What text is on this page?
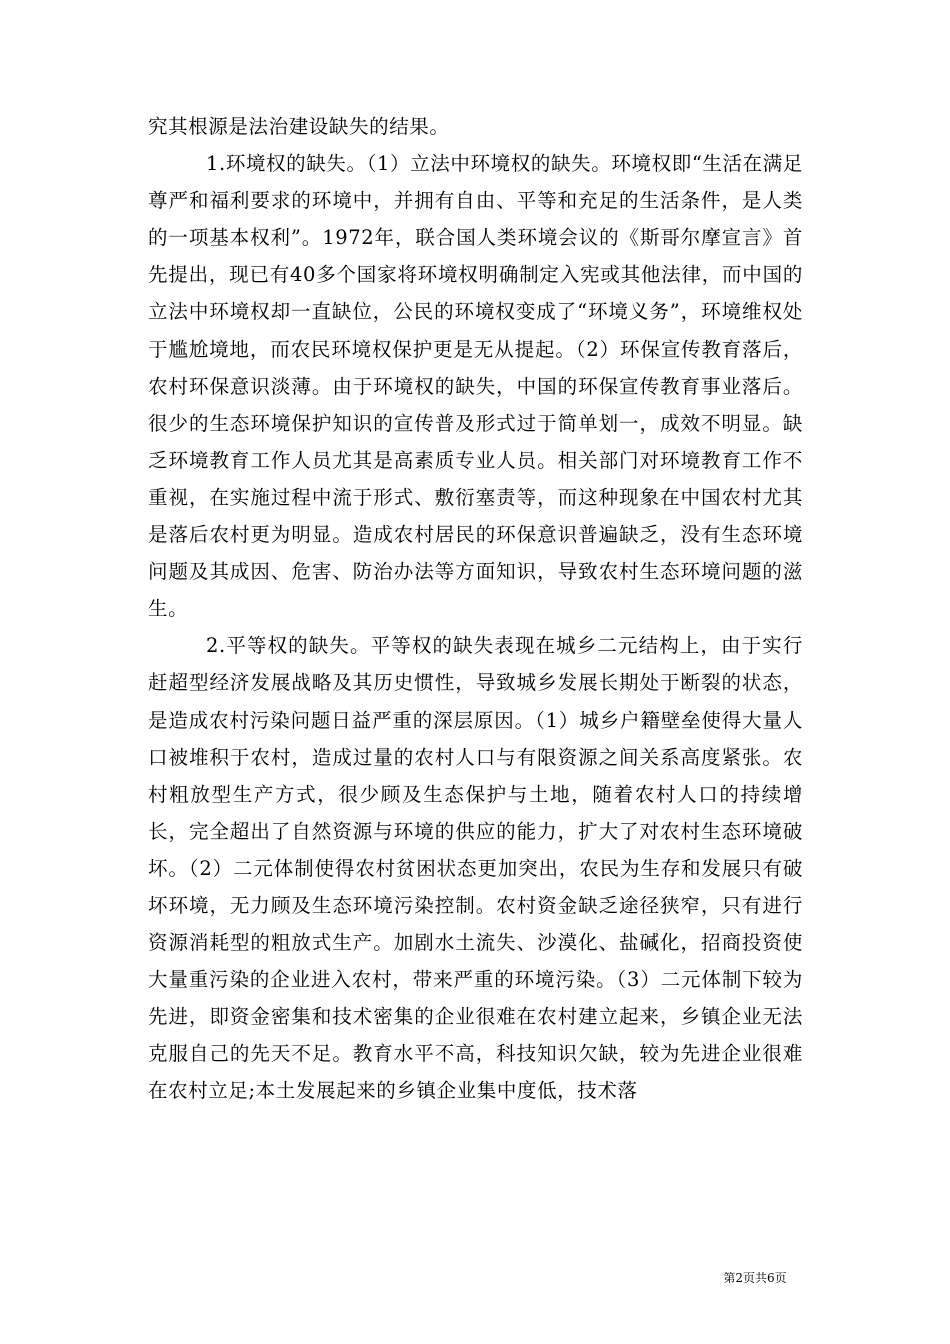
究其根源是法治建设缺失的结果。

1.环境权的缺失。（1）立法中环境权的缺失。环境权即“生活在满足尊严和福利要求的环境中，并拥有自由、平等和充足的生活条件，是人类的一项基本权利”。1972年，联合国人类环境会议的《斯哥尔摩宣言》首先提出，现已有40多个国家将环境权明确制定入宪或其他法律，而中国的立法中环境权却一直缺位，公民的环境权变成了“环境义务”，环境维权处于尴尬境地，而农民环境权保护更是无从提起。（2）环保宣传教育落后，农村环保意识淡薄。由于环境权的缺失，中国的环保宣传教育事业落后。很少的生态环境保护知识的宣传普及形式过于简单划一，成效不明显。缺乏环境教育工作人员尤其是高素质专业人员。相关部门对环境教育工作不重视，在实施过程中流于形式、敷衍塞责等，而这种现象在中国农村尤其是落后农村更为明显。造成农村居民的环保意识普遍缺乏，没有生态环境问题及其成因、危害、防治办法等方面知识，导致农村生态环境问题的滋生。

2.平等权的缺失。平等权的缺失表现在城乡二元结构上，由于实行赶超型经济发展战略及其历史惯性，导致城乡发展长期处于断裂的状态，是造成农村污染问题日益严重的深层原因。（1）城乡户籍壁垒使得大量人口被堆积于农村，造成过量的农村人口与有限资源之间关系高度紧张。农村粗放型生产方式，很少顾及生态保护与土地，随着农村人口的持续增长，完全超出了自然资源与环境的供应的能力，扩大了对农村生态环境破坏。（2）二元体制使得农村贫困状态更加突出，农民为生存和发展只有破坏环境，无力顾及生态环境污染控制。农村资金缺乏途径狭窄，只有进行资源消耗型的粗放式生产。加剧水土流失、沙漠化、盐碱化，招商投资使大量重污染的企业进入农村，带来严重的环境污染。（3）二元体制下较为先进，即资金密集和技术密集的企业很难在农村建立起来，乡镇企业无法克服自己的先天不足。教育水平不高，科技知识欠缺，较为先进企业很难在农村立足;本土发展起来的乡镇企业集中度低，技术落

第2页共6页
